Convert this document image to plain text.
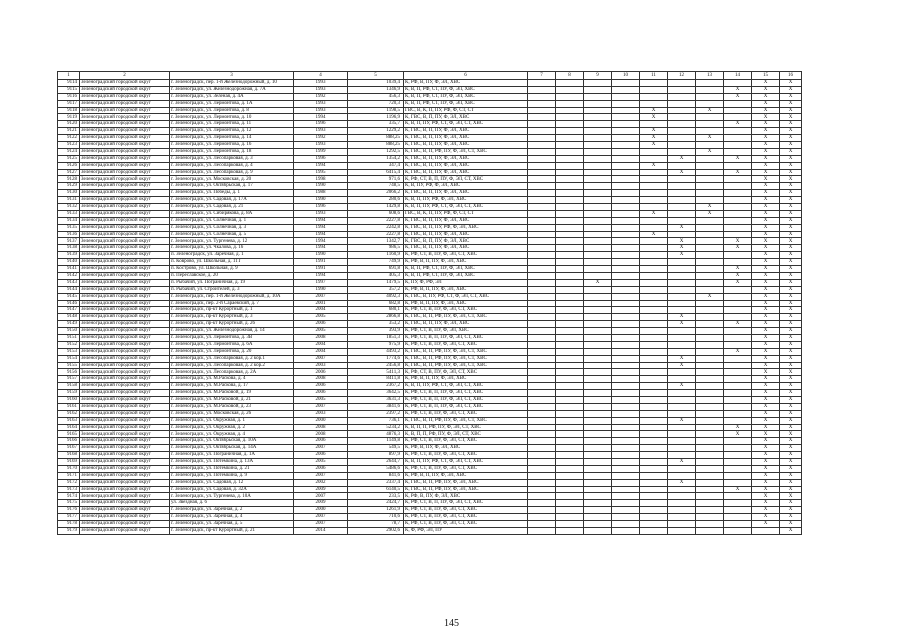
1	2	3	4	5	6	7	8	9	10	11	12	13	14	15	16
9114	Зеленоградский городской округ	г. Зеленоградск, пер. 1-й Железнодорожный, д. 10	1993	1039,4	К, РФ, В, ПУ, Ф, ЭЛ, ХВС									X	X
9115	Зеленоградский городской округ	г. Зеленоградск, ул. Железнодорожная, д. 7А	1993	1346,9	К, В, П, РФ, СТ, ПУ, Ф, ЭЛ, ХВС								X	X	X
9116	Зеленоградский городской округ	г. Зеленоградск, ул. Зелёная, д. 4А	1992	456,3	К, В, П, РФ, СТ, ПУ, Ф, ЭЛ, ХВС								X	X	X
9117	Зеленоградский городской округ	г. Зеленоградск, ул. Лермонтова, д. 1А	1993	720,3	К, В, П, РФ, СТ, ПУ, Ф, ЭЛ, ХВС									X	X
9118	Зеленоградский городской округ	г. Зеленоградск, ул. Лермонтова, д. 8	1993	1198,5	ГВС, В, К, П, ПУ, РФ, Ф, СТ, СТ					X		X		X	X
9119	Зеленоградский городской округ	г. Зеленоградск, ул. Лермонтова, д. 10	1994	1196,9	К, ГВС, В, П, ПУ, Ф, ЭЛ, ХВС					X				X	X
9120	Зеленоградский городской округ	г. Зеленоградск, ул. Лермонтова, д. 11	1996	335,7	К, В, П, ПУ, РФ, СТ, Ф, ЭЛ, СТ, ХВС								X	X	X
9121	Зеленоградский городской округ	г. Зеленоградск, ул. Лермонтова, д. 12	1993	1229,2	К, ГВС, В, П, ПУ, Ф, ЭЛ, ХВС					X				X	X
9122	Зеленоградский городской округ	г. Зеленоградск, ул. Лермонтова, д. 14	1992	888,25	К, ГВС, В, П, ПУ, Ф, ЭЛ, ХВС					X		X		X	X
9123	Зеленоградский городской округ	г. Зеленоградск, ул. Лермонтова, д. 16	1993	888,25	К, ГВС, В, П, ПУ, Ф, ЭЛ, ХВС					X				X	X
9124	Зеленоградский городской округ	г. Зеленоградск, ул. Лермонтова, д. 18	1999	1292,5	К, ГВС, В, П, РФ, ПУ, Ф, ЭЛ, СТ, ХВС							X		X	X
9125	Зеленоградский городской округ	г. Зеленоградск, ул. Лесопарковая, д. 3	1996	1354,2	К, ГВС, В, П, ПУ, Ф, ЭЛ, ХВС						X		X	X	X
9126	Зеленоградский городской округ	г. Зеленоградск, ул. Лесопарковая, д. 4	1994	347,4	К, ГВС, В, П, ПУ, Ф, ЭЛ, ХВС					X				X	X
9127	Зеленоградский городской округ	г. Зеленоградск, ул. Лесопарковая, д. 9	1995	6415,4	К, ГВС, В, П, ПУ, Ф, ЭЛ, ХВС						X		X	X	X
9128	Зеленоградский городской округ	г. Зеленоградск, ул. Московская, д. 20	1998	971,6	К, РФ, СТ, В, П, ПУ, Ф, ЭЛ, СТ, ХВС									X	X
9129	Зеленоградский городской округ	г. Зеленоградск, ул. Октябрьская, д. 17	1990	748,5	К, В, ПУ, РФ, Ф, ЭЛ, ХВС									X	X
9130	Зеленоградский городской округ	г. Зеленоградск, ул. Победы, д. 1	1988	2066,2	К, ГВС, В, П, ПУ, Ф, ЭЛ, ХВС									X	X
9131	Зеленоградский городской округ	г. Зеленоградск, ул. Садовая, д. 17А	1990	280,6	К, В, П, ПУ, РФ, Ф, ЭЛ, ХВС									X	X
9132	Зеленоградский городской округ	г. Зеленоградск, ул. Садовая, д. 21	1996	1429,8	К, В, П, ПУ, РФ, СТ, Ф, ЭЛ, СТ, ХВС							X		X	X
9133	Зеленоградский городской округ	г. Зеленоградск, ул. Сибирякова, д. 8А	1993	608,6	ГВС, В, К, П, ПУ, РФ, Ф, СТ, СТ					X		X		X	X
9134	Зеленоградский городской округ	г. Зеленоградск, ул. Солнечная, д. 1	1994	2227,8	К, ГВС, В, П, ПУ, Ф, ЭЛ, ХВС									X	X
9135	Зеленоградский городской округ	г. Зеленоградск, ул. Солнечная, д. 3	1994	2242,8	К, ГВС, В, П, ПУ, РФ, Ф, ЭЛ, ХВС						X			X	X
9136	Зеленоградский городской округ	г. Зеленоградск, ул. Солнечная, д. 5	1994	2227,8	К, ГВС, В, П, ПУ, Ф, ЭЛ, ХВС					X				X	X
9137	Зеленоградский городской округ	г. Зеленоградск, ул. Тургенева, д. 12	1994	1342,7	К, ГВС, В, П, ПУ, Ф, ЭЛ, ХВС						X		X	X	X
9138	Зеленоградский городской округ	г. Зеленоградск, ул. Чкалова, д. 16	1994	986,5	К, ГВС, В, П, ПУ, Ф, ЭЛ, ХВС						X		X	X	X
9139	Зеленоградский городской округ	п. Зеленоградск, ул. Заречная, д. 1	1990	1160,9	К, РФ, СТ, В, ПУ, Ф, ЭЛ, СТ, ХВС						X			X	X
9140	Зеленоградский городской округ	п. Коврово, ул. Школьная, д. 11Т	1991	749,9	К, РФ, В, П, ПУ, Ф, ЭЛ, ХВС									X	X
9141	Зеленоградский городской округ	п. Кострово, ул. Школьная, д. 9	1991	691,8	К, В, П, РФ, СТ, ПУ, Ф, ЭЛ, ХВС								X	X	X
9142	Зеленоградский городской округ	п. Переславское, д. 20	1994	405,3	К, В, П, РФ, СТ, ПУ, Ф, ЭЛ, ХВС								X	X	X
9143	Зеленоградский городской округ	п. Рыбачий, ул. Пограничная, д. 19	1997	1479,5	К, ПУ, Ф, РФ, ЭЛ			X					X	X	X
9144	Зеленоградский городской округ	п. Рыбачий, ул. Строителей, д. 3	1990	357,2	К, РФ, В, П, ПУ, Ф, ЭЛ, ХВС									X	X
9145	Зеленоградский городской округ	г. Зеленоградск, пер. 1-й Железнодорожный, д. 10А	2007	4092,3	К, ГВС, В, ПУ, РФ, СТ, Ф, ЭЛ, СТ, ХВС							X		X	X
9146	Зеленоградский городской округ	г. Зеленоградск, пер. 2-й Сараевский, д. 7	2001	682,8	К, РФ, В, П, ПУ, Ф, ЭЛ, ХВС									X	X
9147	Зеленоградский городской округ	г. Зеленоградск, пр-кт Курортный, д. 1	2004	680,1	К, РФ, СТ, В, ПУ, Ф, ЭЛ, СТ, ХВС									X	X
9148	Зеленоградский городской округ	г. Зеленоградск, пр-кт Курортный, д. 3	2005	2866,8	К, ГВС, В, П, РФ, ПУ, Ф, ЭЛ, СТ, ХВС						X			X	X
9149	Зеленоградский городской округ	г. Зеленоградск, пр-кт Курортный, д. 26	2006	353,2	К, ГВС, В, П, ПУ, Ф, ЭЛ, ХВС						X		X	X	X
9150	Зеленоградский городской округ	г. Зеленоградск, ул. Железнодорожная, д. 14	2005	393,9	К, РФ, СТ, В, ПУ, Ф, ЭЛ, ХВС									X	X
9151	Зеленоградский городской округ	г. Зеленоградск, ул. Лермонтова, д. 3В	2008	1851,3	К, РФ, СТ, В, П, ПУ, Ф, ЭЛ, СТ, ХВС									X	X
9152	Зеленоградский городской округ	г. Зеленоградск, ул. Лермонтова, д. 6А	2004	975,9	К, РФ, СТ, В, ПУ, Ф, ЭЛ, СТ, ХВС									X	X
9153	Зеленоградский городской округ	г. Зеленоградск, ул. Лермонтова, д. 20	2004	4493,2	К, ГВС, В, П, РФ, ПУ, Ф, ЭЛ, СТ, ХВС								X	X	X
9154	Зеленоградский городской округ	г. Зеленоградск, ул. Лесопарковая, д. 2 кор.1	2007	1774,6	К, ГВС, В, П, РФ, ПУ, Ф, ЭЛ, СТ, ХВС						X			X	X
9155	Зеленоградский городской округ	г. Зеленоградск, ул. Лесопарковая, д. 2 кор.2	2003	2456,8	К, ГВС, В, П, РФ, ПУ, Ф, ЭЛ, СТ, ХВС						X			X	X
9156	Зеленоградский городской округ	г. Зеленоградск, ул. Лесопарковая, д. 2А	2006	5411,3	К, РФ, СТ, В, ПУ, Ф, ЭЛ, СТ, ХВС									X	X
9157	Зеленоградский городской округ	г. Зеленоградск, ул. М.Раскова, д. 4	2008	8411,8	К, РФ, В, П, ПУ, Ф, ЭЛ, ХВС									X	X
9158	Зеленоградский городской округ	г. Зеленоградск, ул. М.Раскова, д. 17	2006	2367,2	К, В, П, ПУ, РФ, СТ, Ф, ЭЛ, СТ, ХВС						X			X	X
9159	Зеленоградский городской округ	г. Зеленоградск, ул. М.Расковой, д. 19	2006	3642,5	К, РФ, СТ, В, П, ПУ, Ф, ЭЛ, СТ, ХВС									X	X
9160	Зеленоградский городской округ	г. Зеленоградск, ул. М.Расковой, д. 21	2005	3631,3	К, РФ, СТ, В, П, ПУ, Ф, ЭЛ, СТ, ХВС									X	X
9161	Зеленоградский городской округ	г. Зеленоградск, ул. М.Расковой, д. 23	2007	3841,6	К, РФ, СТ, В, П, ПУ, Ф, ЭЛ, СТ, ХВС									X	X
9162	Зеленоградский городской округ	г. Зеленоградск, ул. Московская, д. 26	2003	2397,2	К, РФ, СТ, В, ПУ, Ф, ЭЛ, СТ, ХВС									X	X
9163	Зеленоградский городской округ	г. Зеленоградск, ул. Окружная, д. 1	2000	736,1	К, ГВС, В, П, РФ, ПУ, Ф, ЭЛ, СТ, ХВС						X			X	X
9164	Зеленоградский городской округ	г. Зеленоградск, ул. Окружная, д. 2	2008	5234,2	К, В, П, П, РФ, ПУ, Ф, ЭЛ, СТ, ХВС								X	X	X
9165	Зеленоградский городской округ	г. Зеленоградск, ул. Окружная, д. 4	2008	4876,3	К, В, П, П, РФ, ПУ, Ф, ЭЛ, СТ, ХВС								X	X	X
9166	Зеленоградский городской округ	г. Зеленоградск, ул. Октябрьская, д. 10А	2006	1149,8	К, РФ, СТ, В, ПУ, Ф, ЭЛ, СТ, ХВС									X	X
9167	Зеленоградский городской округ	г. Зеленоградск, ул. Октябрьская, д. 14А	2007	549,5	К, РФ, В, ПУ, Ф, ЭЛ, ХВС									X	X
9168	Зеленоградский городской округ	г. Зеленоградск, ул. Пограничная, д. 1А	2006	897,9	К, РФ, СТ, В, ПУ, Ф, ЭЛ, СТ, ХВС									X	X
9169	Зеленоградский городской округ	г. Зеленоградск, ул. Потемкина, д. 13А	2005	2644,7	К, В, П, ПУ, РФ, СТ, Ф, ЭЛ, СТ, ХВС						X			X	X
9170	Зеленоградский городской округ	г. Зеленоградск, ул. Потемкина, д. 21	2006	5486,6	К, РФ, СТ, В, ПУ, Ф, ЭЛ, СТ, ХВС									X	X
9171	Зеленоградский городской округ	г. Зеленоградск, ул. Потемкина, д. 9	2007	841,6	К, РФ, В, П, ПУ, Ф, ЭЛ, ХВС									X	X
9172	Зеленоградский городской округ	г. Зеленоградск, ул. Садовая, д. 12	2002	2337,4	К, ГВС, В, П, РФ, ПУ, Ф, ЭЛ, ХВС						X			X	X
9173	Зеленоградский городской округ	г. Зеленоградск, ул. Садовая, д. 32А	2009	6140,5	К, ГВС, В, П, РФ, ПУ, Ф, ЭЛ, ХВС								X	X	X
9174	Зеленоградский городской округ	г. Зеленоградск, ул. Тургенева, д. 10А	2007	233,5	К, РФ, В, ПУ, Ф, ЭЛ, ХВС									X	X
9175	Зеленоградский городской округ	ул. Звездная, д. 6	2009	2424,7	К, РФ, СТ, В, П, ПУ, Ф, ЭЛ, СТ, ХВС									X	X
9176	Зеленоградский городской округ	г. Зеленоградск, ул. Заречная, д. 2	2000	1261,9	К, РФ, СТ, В, ПУ, Ф, ЭЛ, СТ, ХВС									X	X
9177	Зеленоградский городской округ	г. Зеленоградск, ул. Заречная, д. 4	2007	710,6	К, РФ, СТ, В, ПУ, Ф, ЭЛ, СТ, ХВС									X	X
9178	Зеленоградский городской округ	г. Зеленоградск, ул. Заречная, д. 5	2007	78,7	К, РФ, СТ, В, ПУ, Ф, ЭЛ, СТ, ХВС									X	X
9179	Зеленоградский городской округ	г. Зеленоградск, пр-кт Курортный, д. 21	2014	2902,6	К, Ф, РФ, ЭЛ, ПУ										X
145
